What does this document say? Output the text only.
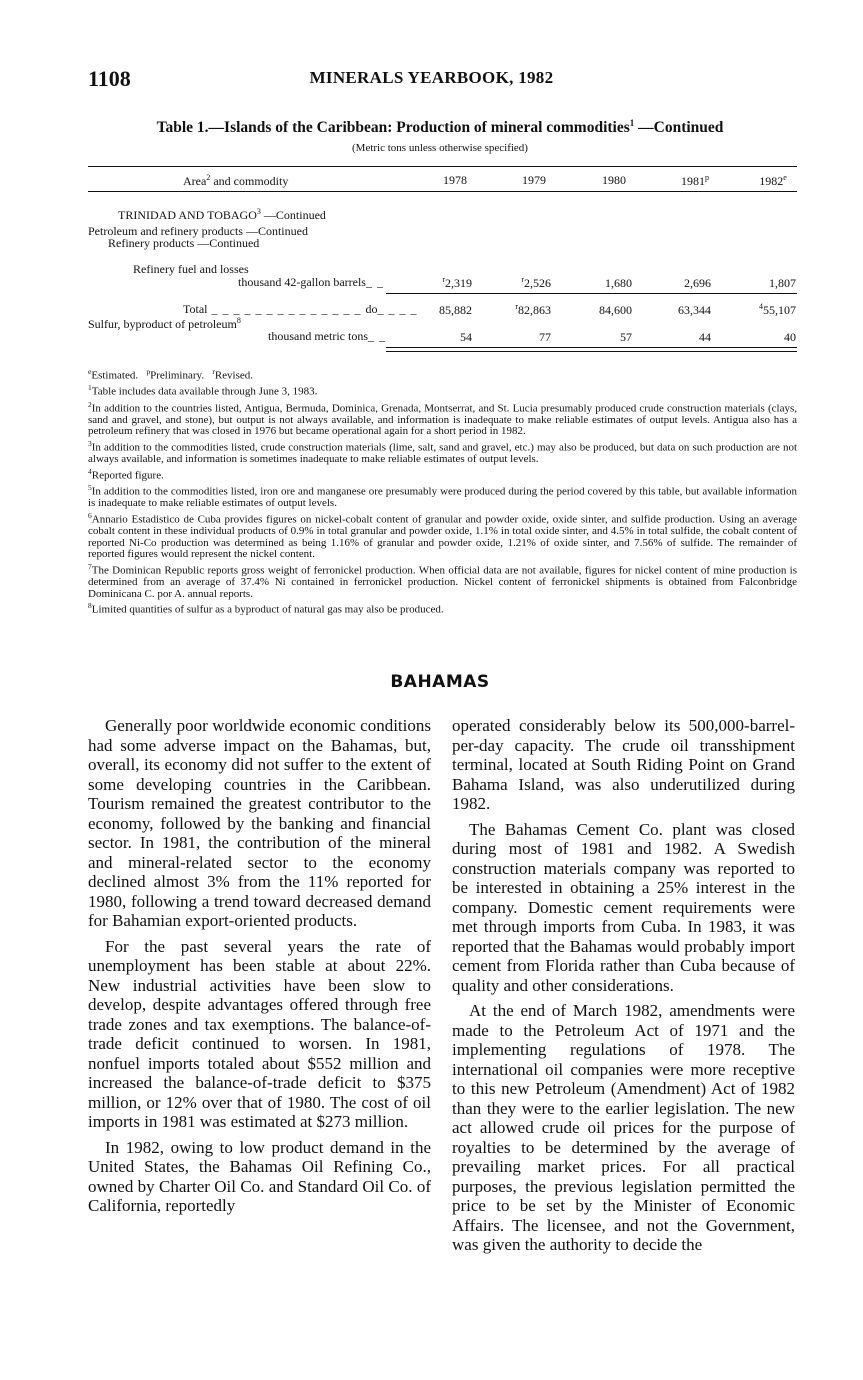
1108	MINERALS YEARBOOK, 1982
Table 1.—Islands of the Caribbean: Production of mineral commodities$^1$ —Continued
(Metric tons unless otherwise specified)
Area$^2$ and commodity	1978	1979	1980	1981$^p$	1982e
TRINIDAD AND TOBAGO$^3$ —Continued
Petroleum and refinery products —Continued
Refinery products —Continued
Refinery fuel and losses
thousand 42-gallon barrels_ _	$^r$2,319	$^r$2,526	1,680	2,696	1,807
Total _ _ _ _ _ _ _ _ _ _ _ _ _ _ do_ _ _ _	85,882	$^r$82,863	84,600	63,344	$^4$55,107
Sulfur, byproduct of petroleum$^8$
thousand metric tons_ _	54	77	57	44	40

$^e$Estimated. $^p$Preliminary. $^r$Revised.

$^1$Table includes data available through June 3, 1983.

$^2$In addition to the countries listed, Antigua, Bermuda, Dominica, Grenada, Montserrat, and St. Lucia presumably produced crude construction materials (clays, sand and gravel, and stone), but output is not always available, and information is inadequate to make reliable estimates of output levels. Antigua also has a petroleum refinery that was closed in 1976 but became operational again for a short period in 1982.

$^3$In addition to the commodities listed, crude construction materials (lime, salt, sand and gravel, etc.) may also be produced, but data on such production are not always available, and information is sometimes inadequate to make reliable estimates of output levels.

$^4$Reported figure.

$^5$In addition to the commodities listed, iron ore and manganese ore presumably were produced during the period covered by this table, but available information is inadequate to make reliable estimates of output levels.

$^6$Annario Estadistico de Cuba provides figures on nickel-cobalt content of granular and powder oxide, oxide sinter, and sulfide production. Using an average cobalt content in these individual products of 0.9% in total granular and powder oxide, 1.1% in total oxide sinter, and 4.5% in total sulfide, the cobalt content of reported Ni-Co production was determined as being 1.16% of granular and powder oxide, 1.21% of oxide sinter, and 7.56% of sulfide. The remainder of reported figures would represent the nickel content.

$^7$The Dominican Republic reports gross weight of ferronickel production. When official data are not available, figures for nickel content of mine production is determined from an average of 37.4% Ni contained in ferronickel production. Nickel content of ferronickel shipments is obtained from Falconbridge Dominicana C. por A. annual reports.

$^8$Limited quantities of sulfur as a byproduct of natural gas may also be produced.

BAHAMAS

Generally poor worldwide economic conditions had some adverse impact on the Bahamas, but, overall, its economy did not suffer to the extent of some developing countries in the Caribbean. Tourism remained the greatest contributor to the economy, followed by the banking and financial sector. In 1981, the contribution of the mineral and mineral-related sector to the economy declined almost 3% from the 11% reported for 1980, following a trend toward decreased demand for Bahamian export-oriented products.

For the past several years the rate of unemployment has been stable at about 22%. New industrial activities have been slow to develop, despite advantages offered through free trade zones and tax exemptions. The balance-of-trade deficit continued to worsen. In 1981, nonfuel imports totaled about $552 million and increased the balance-of-trade deficit to $375 million, or 12% over that of 1980. The cost of oil imports in 1981 was estimated at $273 million.

In 1982, owing to low product demand in the United States, the Bahamas Oil Refining Co., owned by Charter Oil Co. and Standard Oil Co. of California, reportedly

operated considerably below its 500,000-barrel-per-day capacity. The crude oil transshipment terminal, located at South Riding Point on Grand Bahama Island, was also underutilized during 1982.

The Bahamas Cement Co. plant was closed during most of 1981 and 1982. A Swedish construction materials company was reported to be interested in obtaining a 25% interest in the company. Domestic cement requirements were met through imports from Cuba. In 1983, it was reported that the Bahamas would probably import cement from Florida rather than Cuba because of quality and other considerations.

At the end of March 1982, amendments were made to the Petroleum Act of 1971 and the implementing regulations of 1978. The international oil companies were more receptive to this new Petroleum (Amendment) Act of 1982 than they were to the earlier legislation. The new act allowed crude oil prices for the purpose of royalties to be determined by the average of prevailing market prices. For all practical purposes, the previous legislation permitted the price to be set by the Minister of Economic Affairs. The licensee, and not the Government, was given the authority to decide the
